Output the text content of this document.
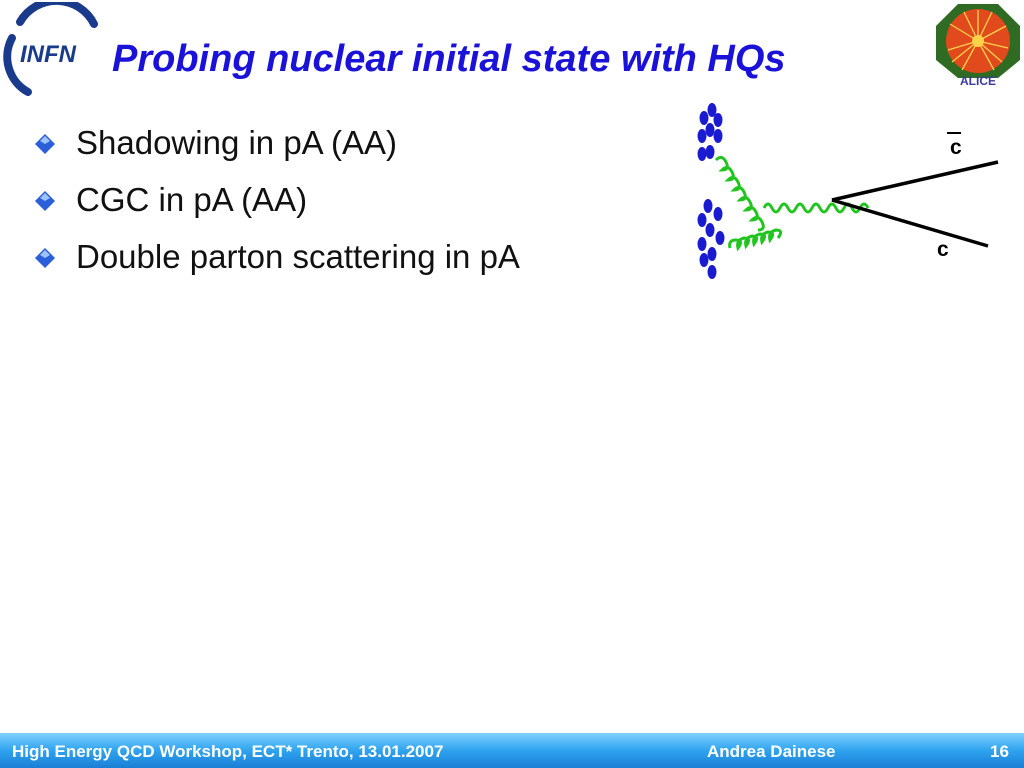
INFN Probing nuclear initial state with HQs
ALICE
Shadowing in pA (AA)
CGC in pA (AA)
Double parton scattering in pA
c
c
High Energy QCD Workshop, ECT* Trento, 13.01.2007	Andrea Dainese	16
